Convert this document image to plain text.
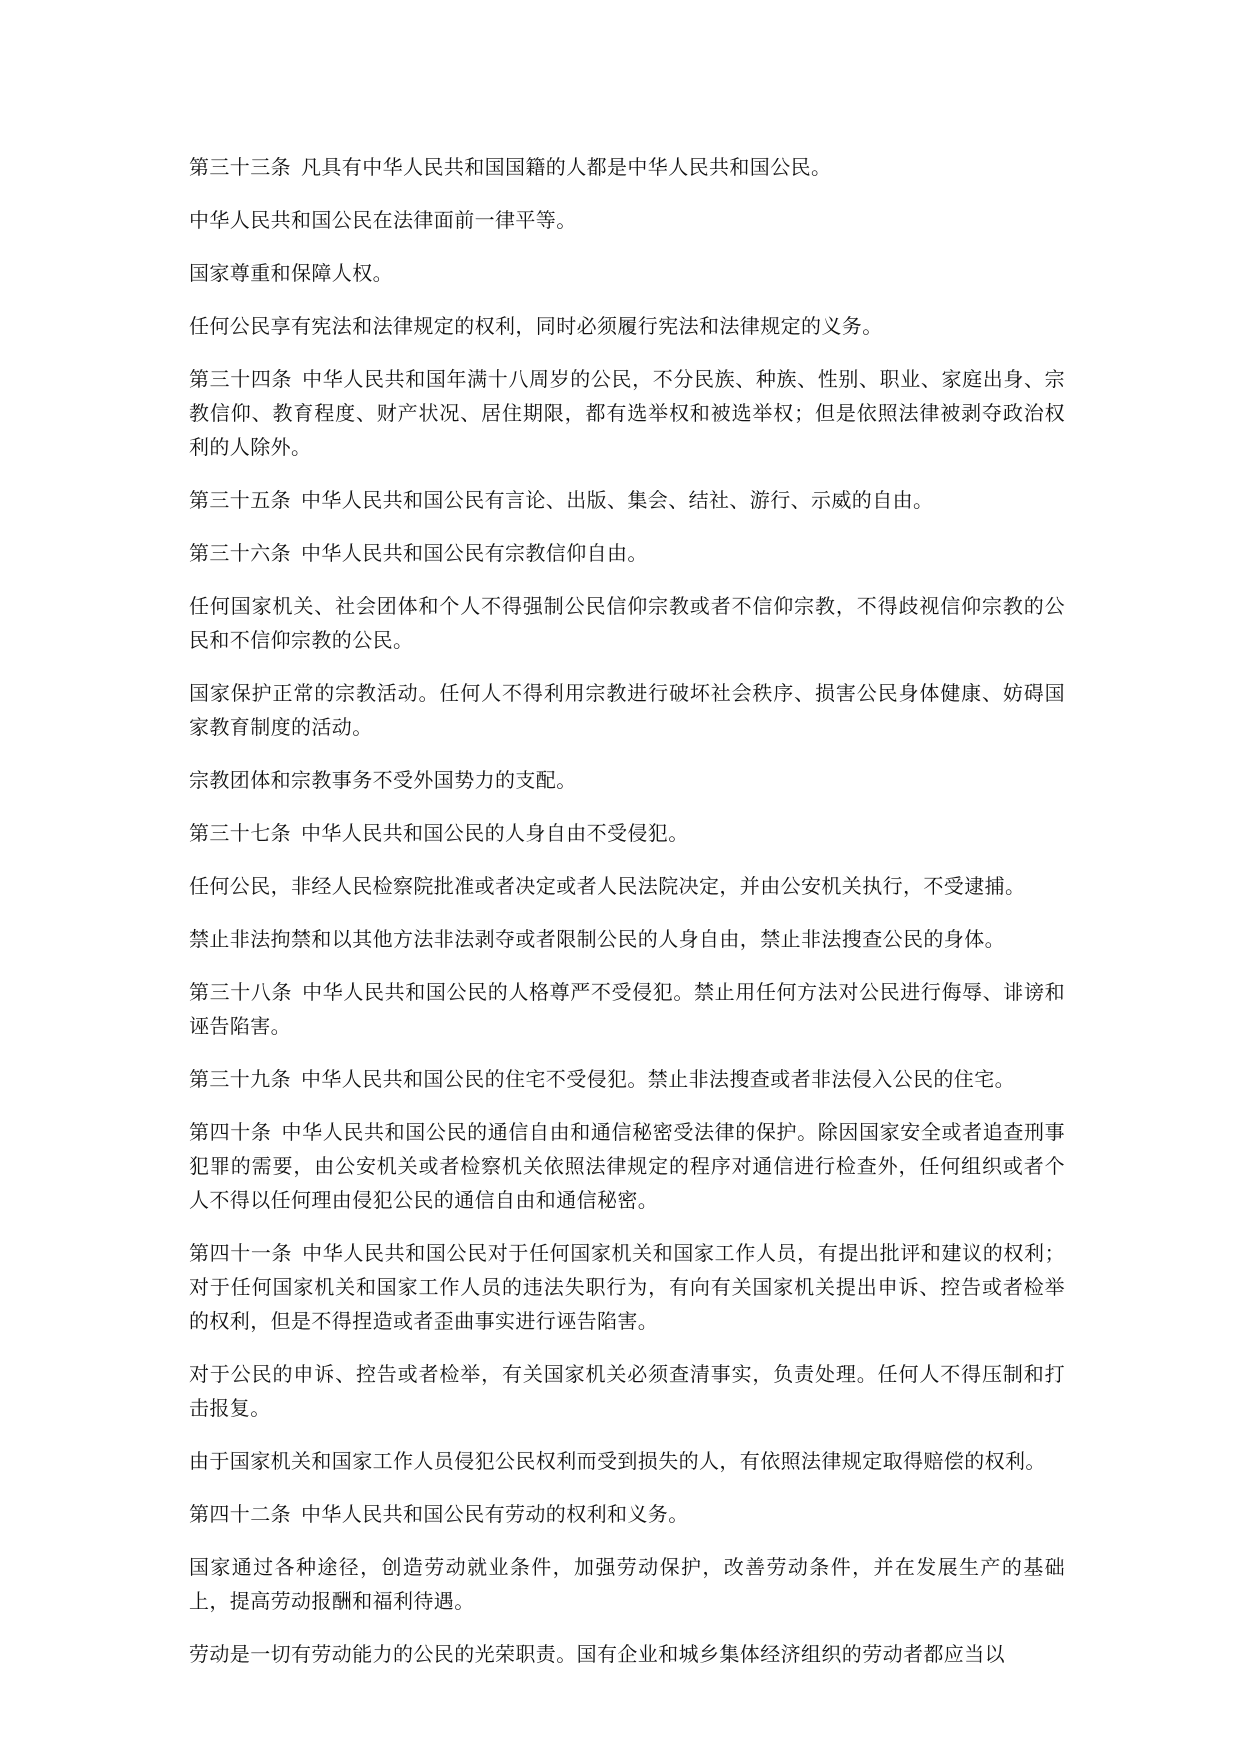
第三十三条 凡具有中华人民共和国国籍的人都是中华人民共和国公民。

中华人民共和国公民在法律面前一律平等。

国家尊重和保障人权。

任何公民享有宪法和法律规定的权利，同时必须履行宪法和法律规定的义务。

第三十四条 中华人民共和国年满十八周岁的公民，不分民族、种族、性别、职业、家庭出身、宗教信仰、教育程度、财产状况、居住期限，都有选举权和被选举权；但是依照法律被剥夺政治权利的人除外。

第三十五条 中华人民共和国公民有言论、出版、集会、结社、游行、示威的自由。

第三十六条 中华人民共和国公民有宗教信仰自由。

任何国家机关、社会团体和个人不得强制公民信仰宗教或者不信仰宗教，不得歧视信仰宗教的公民和不信仰宗教的公民。

国家保护正常的宗教活动。任何人不得利用宗教进行破坏社会秩序、损害公民身体健康、妨碍国家教育制度的活动。

宗教团体和宗教事务不受外国势力的支配。

第三十七条 中华人民共和国公民的人身自由不受侵犯。

任何公民，非经人民检察院批准或者决定或者人民法院决定，并由公安机关执行，不受逮捕。

禁止非法拘禁和以其他方法非法剥夺或者限制公民的人身自由，禁止非法搜查公民的身体。

第三十八条 中华人民共和国公民的人格尊严不受侵犯。禁止用任何方法对公民进行侮辱、诽谤和诬告陷害。

第三十九条 中华人民共和国公民的住宅不受侵犯。禁止非法搜查或者非法侵入公民的住宅。

第四十条 中华人民共和国公民的通信自由和通信秘密受法律的保护。除因国家安全或者追查刑事犯罪的需要，由公安机关或者检察机关依照法律规定的程序对通信进行检查外，任何组织或者个人不得以任何理由侵犯公民的通信自由和通信秘密。

第四十一条 中华人民共和国公民对于任何国家机关和国家工作人员，有提出批评和建议的权利；对于任何国家机关和国家工作人员的违法失职行为，有向有关国家机关提出申诉、控告或者检举的权利，但是不得捏造或者歪曲事实进行诬告陷害。

对于公民的申诉、控告或者检举，有关国家机关必须查清事实，负责处理。任何人不得压制和打击报复。

由于国家机关和国家工作人员侵犯公民权利而受到损失的人，有依照法律规定取得赔偿的权利。

第四十二条 中华人民共和国公民有劳动的权利和义务。

国家通过各种途径，创造劳动就业条件，加强劳动保护，改善劳动条件，并在发展生产的基础上，提高劳动报酬和福利待遇。

劳动是一切有劳动能力的公民的光荣职责。国有企业和城乡集体经济组织的劳动者都应当以
